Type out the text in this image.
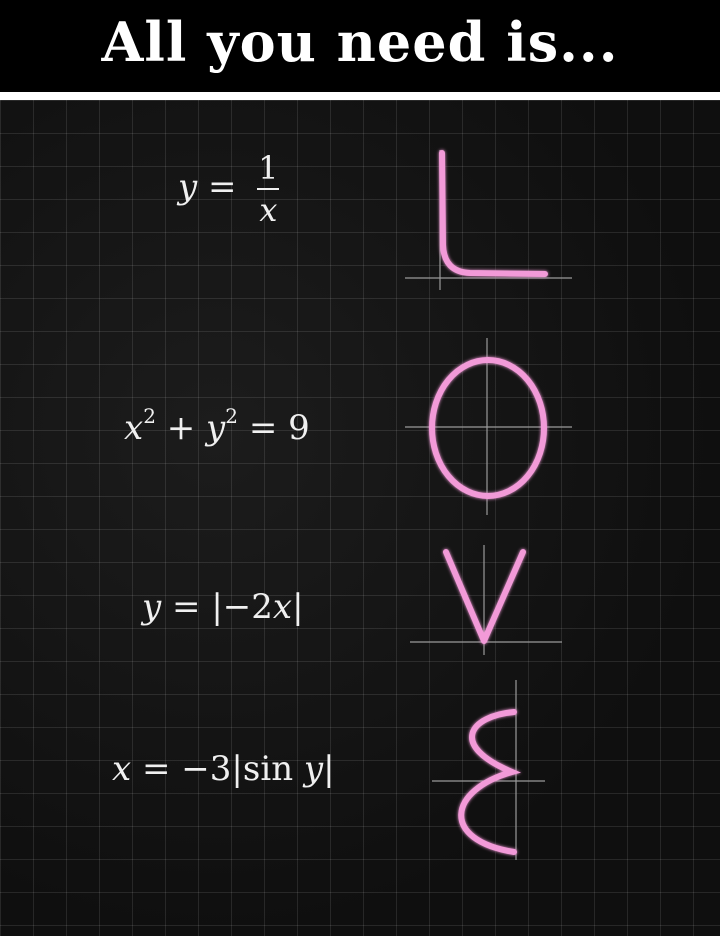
All you need is...
$y = \frac{1}{x}$
$x^2 + y^2 = 9$
y = |−2x|
x = −3|sin y|
